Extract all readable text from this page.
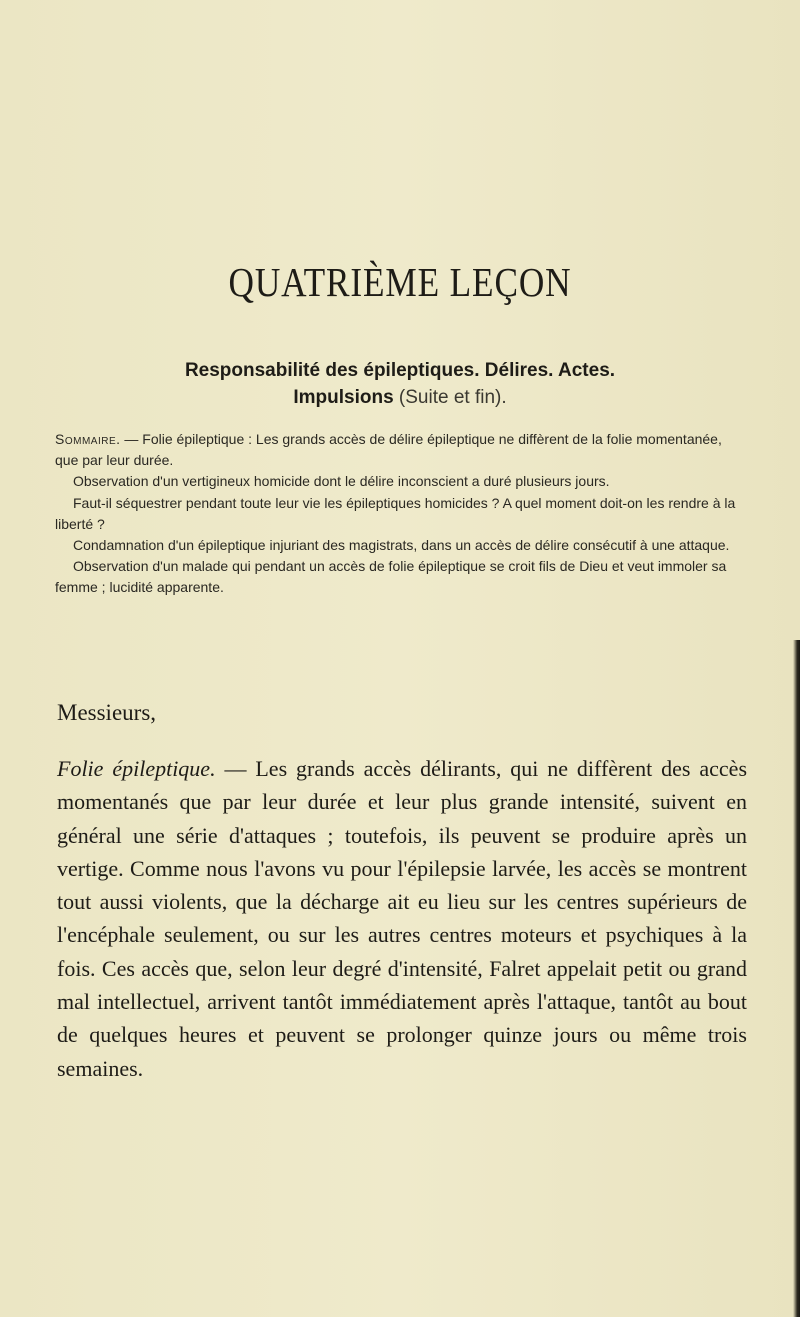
QUATRIÈME LEÇON

Responsabilité des épileptiques. Délires. Actes.

Impulsions (Suite et fin).

Sommaire. — Folie épileptique : Les grands accès de délire épileptique ne diffèrent de la folie momentanée, que par leur durée.

Observation d'un vertigineux homicide dont le délire inconscient a duré plusieurs jours.

Faut-il séquestrer pendant toute leur vie les épileptiques homicides ? A quel moment doit-on les rendre à la liberté ?

Condamnation d'un épileptique injuriant des magistrats, dans un accès de délire consécutif à une attaque.

Observation d'un malade qui pendant un accès de folie épileptique se croit fils de Dieu et veut immoler sa femme ; lucidité apparente.

Messieurs,

Folie épileptique. — Les grands accès délirants, qui ne diffèrent des accès momentanés que par leur durée et leur plus grande intensité, suivent en général une série d'attaques ; toutefois, ils peuvent se produire après un vertige. Comme nous l'avons vu pour l'épilepsie larvée, les accès se montrent tout aussi violents, que la décharge ait eu lieu sur les centres supérieurs de l'encéphale seulement, ou sur les autres centres moteurs et psychiques à la fois. Ces accès que, selon leur degré d'intensité, Falret appelait petit ou grand mal intellectuel, arrivent tantôt immédiatement après l'attaque, tantôt au bout de quelques heures et peuvent se prolonger quinze jours ou même trois semaines.
